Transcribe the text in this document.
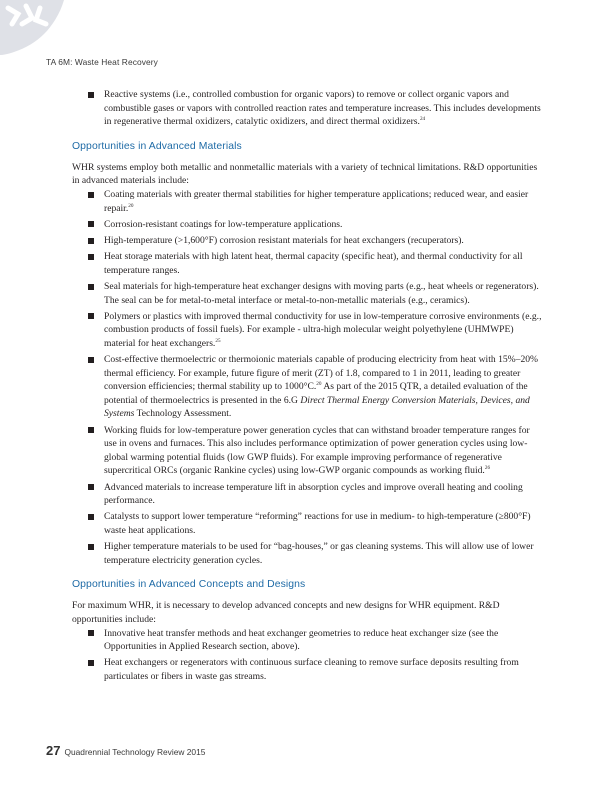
TA 6M: Waste Heat Recovery
Reactive systems (i.e., controlled combustion for organic vapors) to remove or collect organic vapors and combustible gases or vapors with controlled reaction rates and temperature increases. This includes developments in regenerative thermal oxidizers, catalytic oxidizers, and direct thermal oxidizers.$^{24}$
Opportunities in Advanced Materials

WHR systems employ both metallic and nonmetallic materials with a variety of technical limitations. R&D opportunities in advanced materials include:

Coating materials with greater thermal stabilities for higher temperature applications; reduced wear, and easier repair.$^{20}$
Corrosion-resistant coatings for low-temperature applications.
High-temperature (>1,600°F) corrosion resistant materials for heat exchangers (recuperators).
Heat storage materials with high latent heat, thermal capacity (specific heat), and thermal conductivity for all temperature ranges.
Seal materials for high-temperature heat exchanger designs with moving parts (e.g., heat wheels or regenerators). The seal can be for metal-to-metal interface or metal-to-non-metallic materials (e.g., ceramics).
Polymers or plastics with improved thermal conductivity for use in low-temperature corrosive environments (e.g., combustion products of fossil fuels). For example - ultra-high molecular weight polyethylene (UHMWPE) material for heat exchangers.$^{25}$
Cost-effective thermoelectric or thermoionic materials capable of producing electricity from heat with 15%–20% thermal efficiency. For example, future figure of merit (ZT) of 1.8, compared to 1 in 2011, leading to greater conversion efficiencies; thermal stability up to 1000°C.$^{20}$ As part of the 2015 QTR, a detailed evaluation of the potential of thermoelectrics is presented in the 6.G Direct Thermal Energy Conversion Materials, Devices, and Systems Technology Assessment.
Working fluids for low-temperature power generation cycles that can withstand broader temperature ranges for use in ovens and furnaces. This also includes performance optimization of power generation cycles using low-global warming potential fluids (low GWP fluids). For example improving performance of regenerative supercritical ORCs (organic Rankine cycles) using low-GWP organic compounds as working fluid.$^{26}$
Advanced materials to increase temperature lift in absorption cycles and improve overall heating and cooling performance.
Catalysts to support lower temperature “reforming” reactions for use in medium- to high-temperature (≥800°F) waste heat applications.
Higher temperature materials to be used for “bag-houses,” or gas cleaning systems. This will allow use of lower temperature electricity generation cycles.
Opportunities in Advanced Concepts and Designs

For maximum WHR, it is necessary to develop advanced concepts and new designs for WHR equipment. R&D opportunities include:

Innovative heat transfer methods and heat exchanger geometries to reduce heat exchanger size (see the Opportunities in Applied Research section, above).
Heat exchangers or regenerators with continuous surface cleaning to remove surface deposits resulting from particulates or fibers in waste gas streams.
27 Quadrennial Technology Review 2015
